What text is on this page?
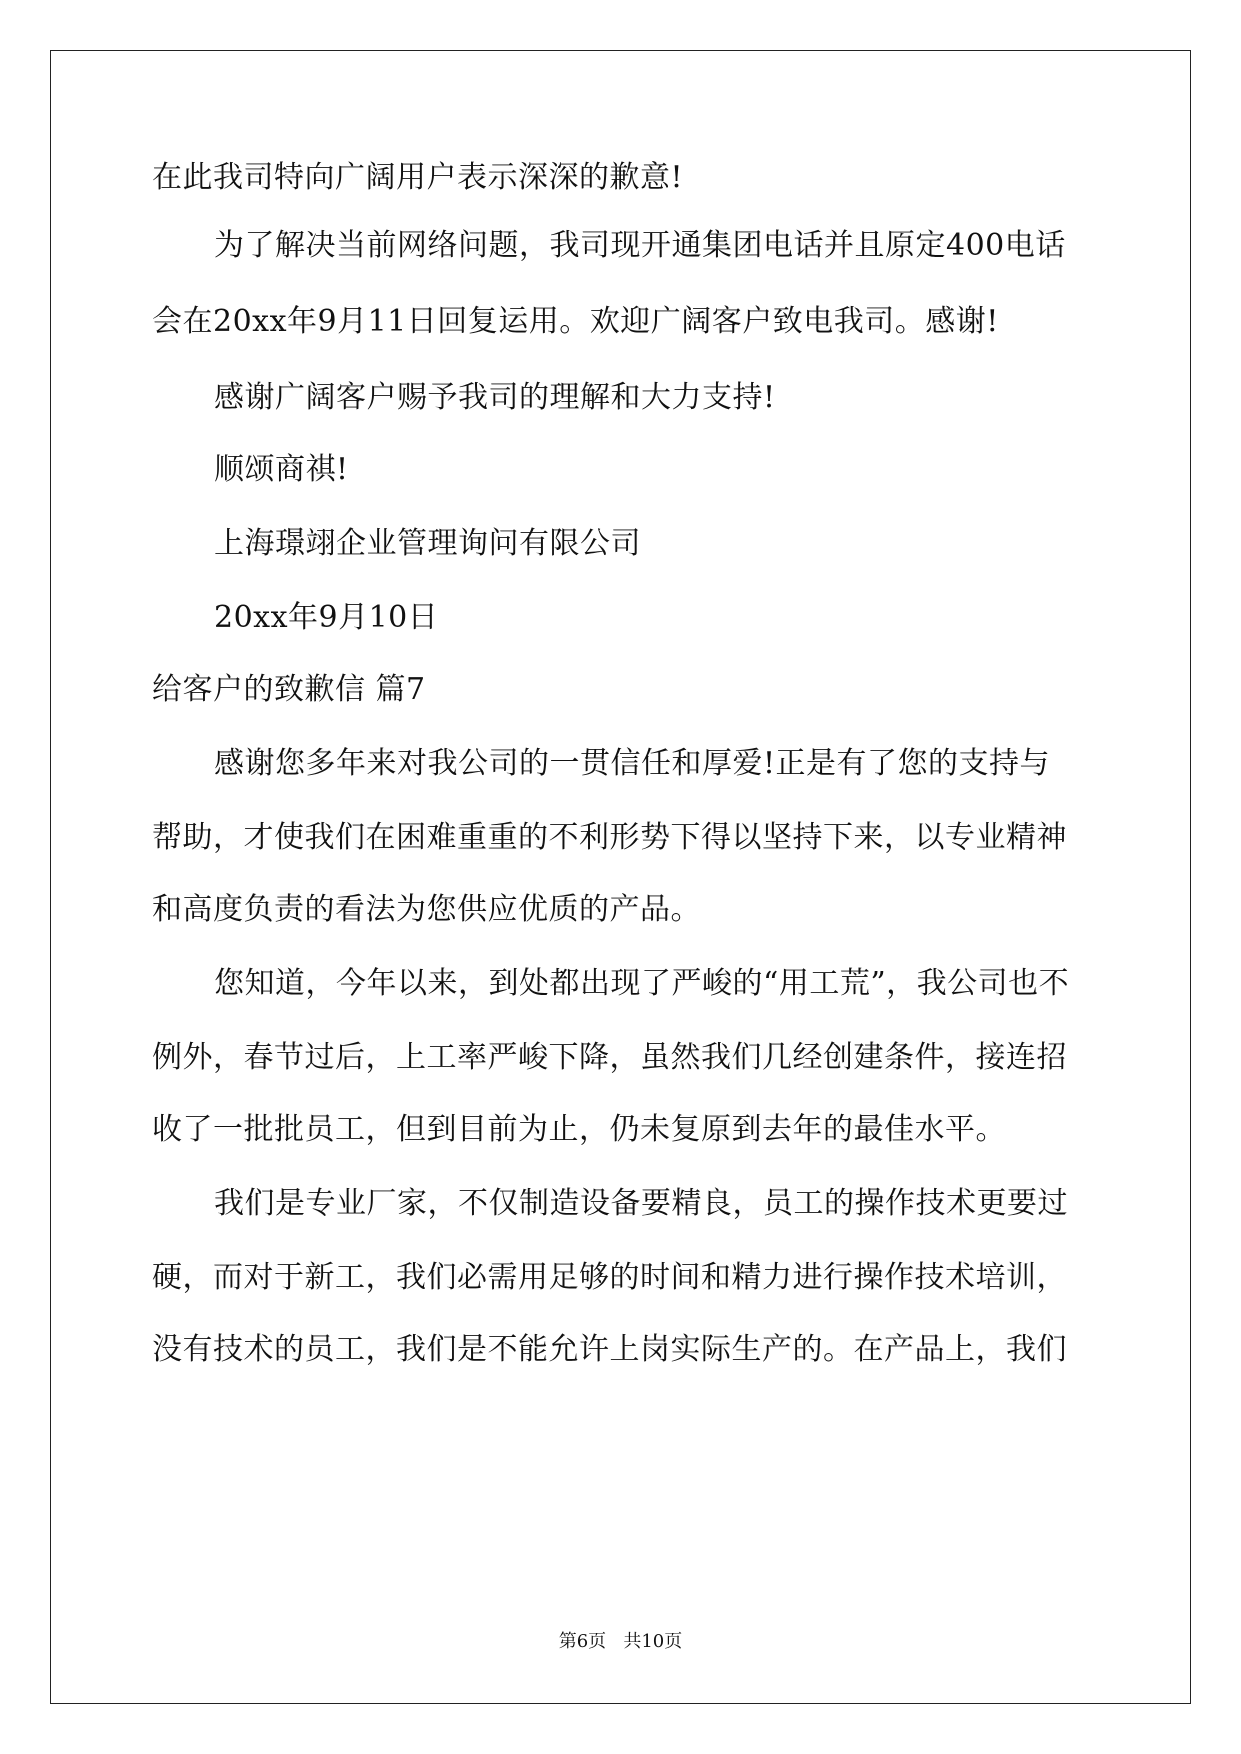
在此我司特向广阔用户表示深深的歉意!
为了解决当前网络问题，我司现开通集团电话并且原定400电话
会在20xx年9月11日回复运用。欢迎广阔客户致电我司。感谢!
感谢广阔客户赐予我司的理解和大力支持!
顺颂商祺!
上海璟翊企业管理询问有限公司
20xx年9月10日
给客户的致歉信 篇7
感谢您多年来对我公司的一贯信任和厚爱!正是有了您的支持与
帮助，才使我们在困难重重的不利形势下得以坚持下来，以专业精神
和高度负责的看法为您供应优质的产品。
您知道，今年以来，到处都出现了严峻的“用工荒”，我公司也不
例外，春节过后，上工率严峻下降，虽然我们几经创建条件，接连招
收了一批批员工，但到目前为止，仍未复原到去年的最佳水平。
我们是专业厂家，不仅制造设备要精良，员工的操作技术更要过
硬，而对于新工，我们必需用足够的时间和精力进行操作技术培训，
没有技术的员工，我们是不能允许上岗实际生产的。在产品上，我们
第6页   共10页
